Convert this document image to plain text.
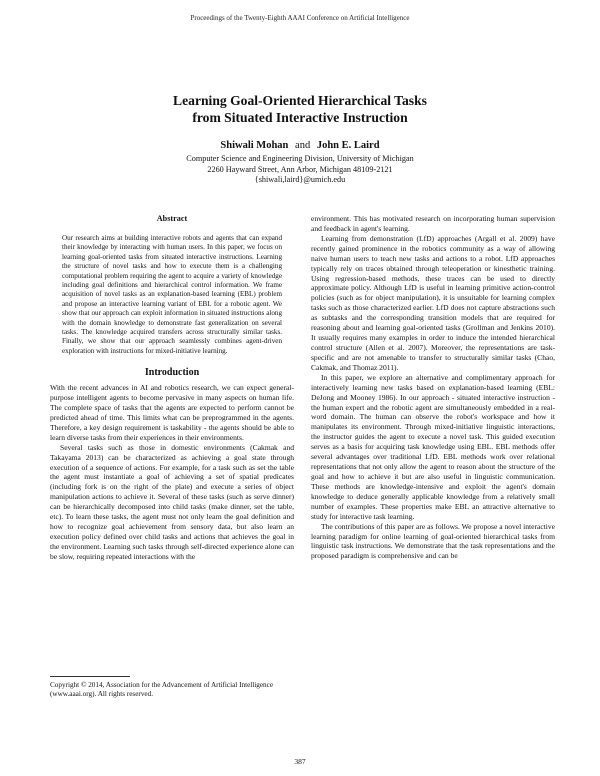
Proceedings of the Twenty-Eighth AAAI Conference on Artificial Intelligence
Learning Goal-Oriented Hierarchical Tasks
from Situated Interactive Instruction
Shiwali Mohan and John E. Laird
Computer Science and Engineering Division, University of Michigan
2260 Hayward Street, Ann Arbor, Michigan 48109-2121
{shiwali,laird}@umich.edu
Abstract

Our research aims at building interactive robots and agents that can expand their knowledge by interacting with human users. In this paper, we focus on learning goal-oriented tasks from situated interactive instructions. Learning the structure of novel tasks and how to execute them is a challenging computational problem requiring the agent to acquire a variety of knowledge including goal definitions and hierarchical control information. We frame acquisition of novel tasks as an explanation-based learning (EBL) problem and propose an interactive learning variant of EBL for a robotic agent. We show that our approach can exploit information in situated instructions along with the domain knowledge to demonstrate fast generalization on several tasks. The knowledge acquired transfers across structurally similar tasks. Finally, we show that our approach seamlessly combines agent-driven exploration with instructions for mixed-initiative learning.

Introduction

With the recent advances in AI and robotics research, we can expect general-purpose intelligent agents to become pervasive in many aspects on human life. The complete space of tasks that the agents are expected to perform cannot be predicted ahead of time. This limits what can be preprogrammed in the agents. Therefore, a key design requirement is taskability - the agents should be able to learn diverse tasks from their experiences in their environments.

Several tasks such as those in domestic environments (Cakmak and Takayama 2013) can be characterized as achieving a goal state through execution of a sequence of actions. For example, for a task such as set the table the agent must instantiate a goal of achieving a set of spatial predicates (including fork is on the right of the plate) and execute a series of object manipulation actions to achieve it. Several of these tasks (such as serve dinner) can be hierarchically decomposed into child tasks (make dinner, set the table, etc). To learn these tasks, the agent must not only learn the goal definition and how to recognize goal achievement from sensory data, but also learn an execution policy defined over child tasks and actions that achieves the goal in the environment. Learning such tasks through self-directed experience alone can be slow, requiring repeated interactions with the

environment. This has motivated research on incorporating human supervision and feedback in agent's learning.

Learning from demonstration (LfD) approaches (Argall et al. 2009) have recently gained prominence in the robotics community as a way of allowing naive human users to teach new tasks and actions to a robot. LfD approaches typically rely on traces obtained through teleoperation or kinesthetic training. Using regression-based methods, these traces can be used to directly approximate policy. Although LfD is useful in learning primitive action-control policies (such as for object manipulation), it is unsuitable for learning complex tasks such as those characterized earlier. LfD does not capture abstractions such as subtasks and the corresponding transition models that are required for reasoning about and learning goal-oriented tasks (Grollman and Jenkins 2010). It usually requires many examples in order to induce the intended hierarchical control structure (Allen et al. 2007). Moreover, the representations are task-specific and are not amenable to transfer to structurally similar tasks (Chao, Cakmak, and Thomaz 2011).

In this paper, we explore an alternative and complimentary approach for interactively learning new tasks based on explanation-based learning (EBL: DeJong and Mooney 1986). In our approach - situated interactive instruction - the human expert and the robotic agent are simultaneously embedded in a real-word domain. The human can observe the robot's workspace and how it manipulates its environment. Through mixed-initiative linguistic interactions, the instructor guides the agent to execute a novel task. This guided execution serves as a basis for acquiring task knowledge using EBL. EBL methods offer several advantages over traditional LfD. EBL methods work over relational representations that not only allow the agent to reason about the structure of the goal and how to achieve it but are also useful in linguistic communication. These methods are knowledge-intensive and exploit the agent's domain knowledge to deduce generally applicable knowledge from a relatively small number of examples. These properties make EBL an attractive alternative to study for interactive task learning.

The contributions of this paper are as follows. We propose a novel interactive learning paradigm for online learning of goal-oriented hierarchical tasks from linguistic task instructions. We demonstrate that the task representations and the proposed paradigm is comprehensive and can be

Copyright © 2014, Association for the Advancement of Artificial Intelligence (www.aaai.org). All rights reserved.
387
